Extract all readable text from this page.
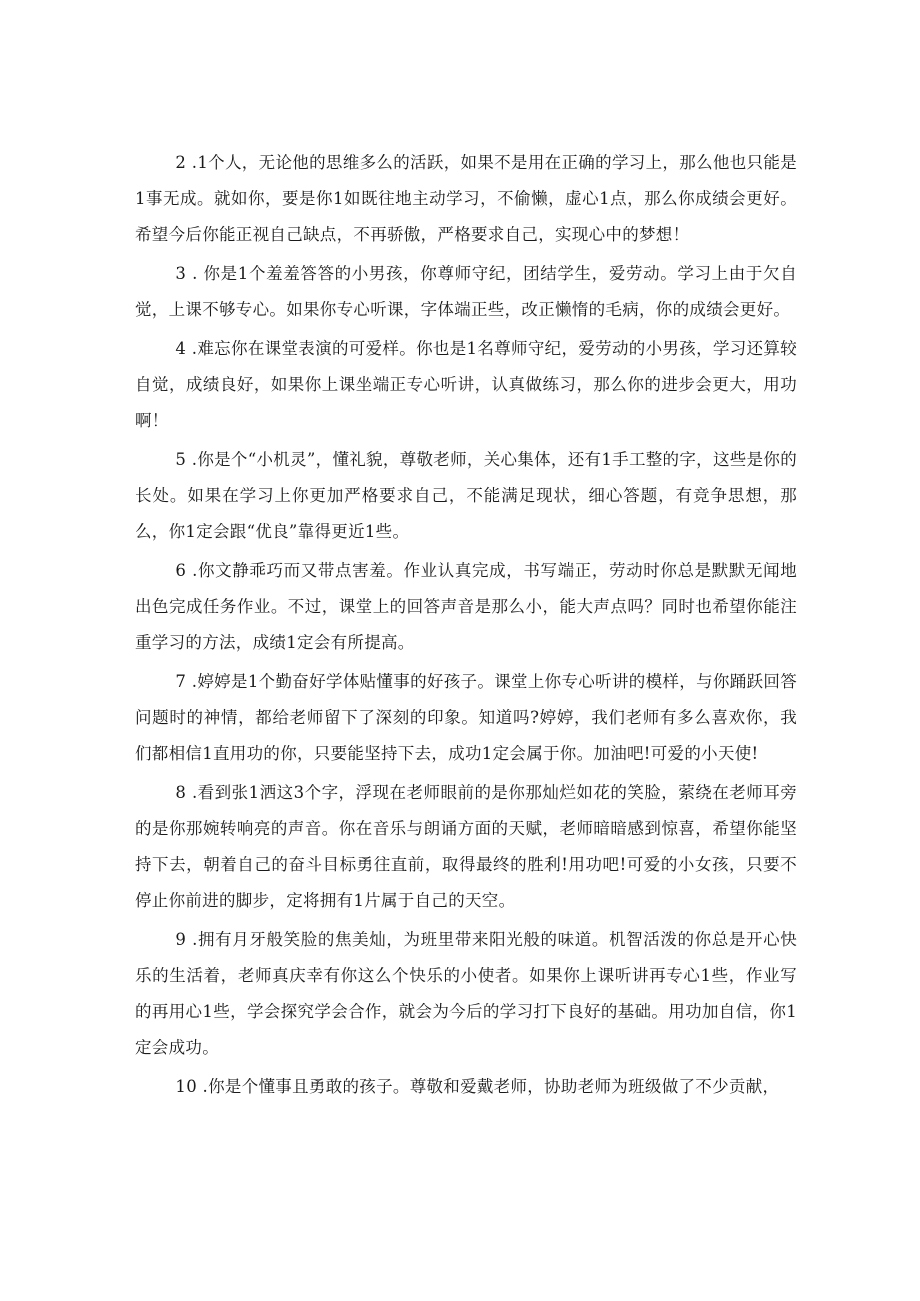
2 .1个人，无论他的思维多么的活跃，如果不是用在正确的学习上，那么他也只能是1事无成。就如你，要是你1如既往地主动学习，不偷懒，虚心1点，那么你成绩会更好。希望今后你能正视自己缺点，不再骄傲，严格要求自己，实现心中的梦想！

3 . 你是1个羞羞答答的小男孩，你尊师守纪，团结学生，爱劳动。学习上由于欠自觉，上课不够专心。如果你专心听课，字体端正些，改正懒惰的毛病，你的成绩会更好。

4 .难忘你在课堂表演的可爱样。你也是1名尊师守纪，爱劳动的小男孩，学习还算较自觉，成绩良好，如果你上课坐端正专心听讲，认真做练习，那么你的进步会更大，用功啊！

5 .你是个“小机灵”，懂礼貌，尊敬老师，关心集体，还有1手工整的字，这些是你的长处。如果在学习上你更加严格要求自己，不能满足现状，细心答题，有竞争思想，那么，你1定会跟“优良”靠得更近1些。

6 .你文静乖巧而又带点害羞。作业认真完成，书写端正，劳动时你总是默默无闻地出色完成任务作业。不过，课堂上的回答声音是那么小，能大声点吗？同时也希望你能注重学习的方法，成绩1定会有所提高。

7 .婷婷是1个勤奋好学体贴懂事的好孩子。课堂上你专心听讲的模样，与你踊跃回答问题时的神情，都给老师留下了深刻的印象。知道吗?婷婷，我们老师有多么喜欢你，我们都相信1直用功的你，只要能坚持下去，成功1定会属于你。加油吧!可爱的小天使!

8 .看到张1洒这3个字，浮现在老师眼前的是你那灿烂如花的笑脸，萦绕在老师耳旁的是你那婉转响亮的声音。你在音乐与朗诵方面的天赋，老师暗暗感到惊喜，希望你能坚持下去，朝着自己的奋斗目标勇往直前，取得最终的胜利!用功吧!可爱的小女孩，只要不停止你前进的脚步，定将拥有1片属于自己的天空。

9 .拥有月牙般笑脸的焦美灿，为班里带来阳光般的味道。机智活泼的你总是开心快乐的生活着，老师真庆幸有你这么个快乐的小使者。如果你上课听讲再专心1些，作业写的再用心1些，学会探究学会合作，就会为今后的学习打下良好的基础。用功加自信，你1定会成功。

10 .你是个懂事且勇敢的孩子。尊敬和爱戴老师，协助老师为班级做了不少贡献，
